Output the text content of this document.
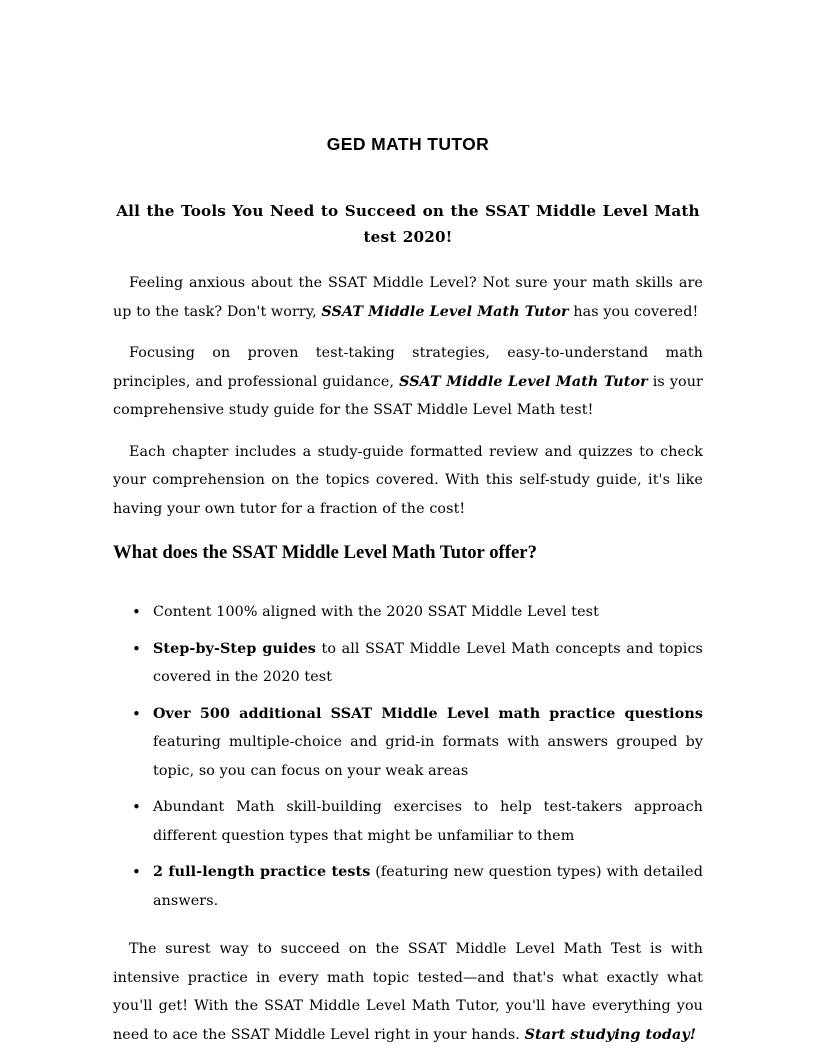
GED MATH TUTOR
All the Tools You Need to Succeed on the SSAT Middle Level Math test 2020!

Feeling anxious about the SSAT Middle Level? Not sure your math skills are up to the task? Don't worry, SSAT Middle Level Math Tutor has you covered!

Focusing on proven test-taking strategies, easy-to-understand math principles, and professional guidance, SSAT Middle Level Math Tutor is your comprehensive study guide for the SSAT Middle Level Math test!

Each chapter includes a study-guide formatted review and quizzes to check your comprehension on the topics covered. With this self-study guide, it's like having your own tutor for a fraction of the cost!

What does the SSAT Middle Level Math Tutor offer?
• Content 100% aligned with the 2020 SSAT Middle Level test
• Step-by-Step guides to all SSAT Middle Level Math concepts and topics covered in the 2020 test
• Over 500 additional SSAT Middle Level math practice questions featuring multiple-choice and grid-in formats with answers grouped by topic, so you can focus on your weak areas
• Abundant Math skill-building exercises to help test-takers approach different question types that might be unfamiliar to them
• 2 full-length practice tests (featuring new question types) with detailed answers.

The surest way to succeed on the SSAT Middle Level Math Test is with intensive practice in every math topic tested—and that's what exactly what you'll get! With the SSAT Middle Level Math Tutor, you'll have everything you need to ace the SSAT Middle Level right in your hands. Start studying today!
